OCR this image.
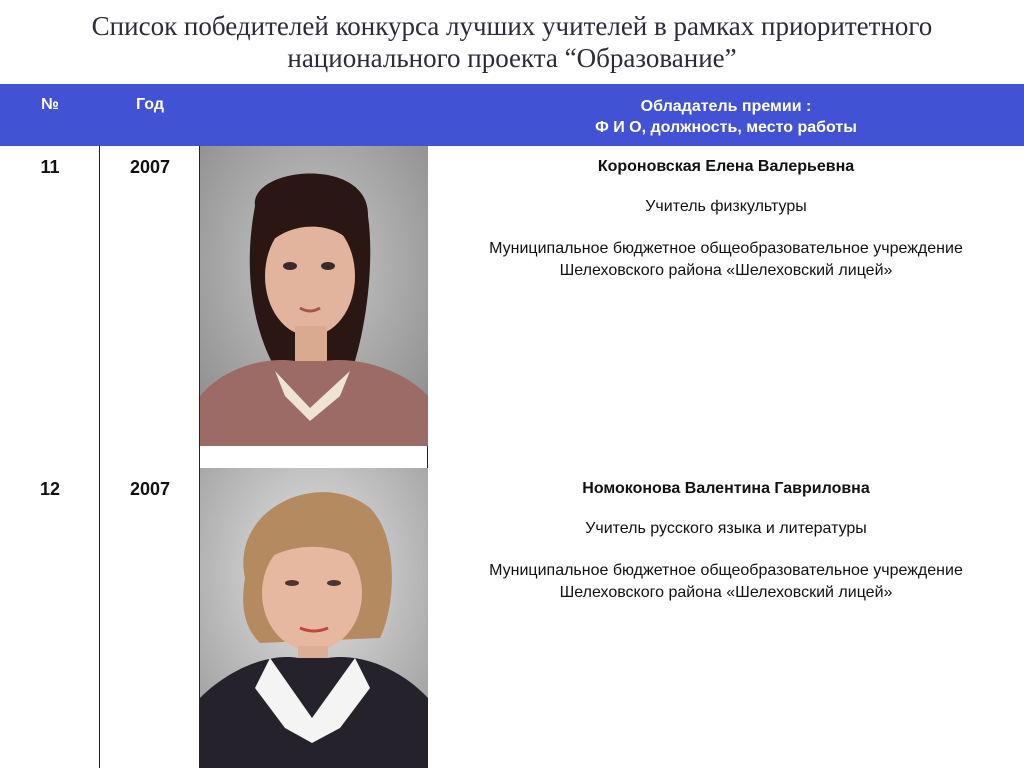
Список победителей конкурса лучших учителей в рамках приоритетного
национального проекта “Образование”
№	Год	Обладатель премии :
Ф И О, должность, место работы
11	2007	Короновская Елена Валерьевна
Учитель физкультуры
Муниципальное бюджетное общеобразовательное учреждение
Шелеховского района «Шелеховский лицей»
12	2007	Номоконова Валентина Гавриловна
Учитель русского языка и литературы
Муниципальное бюджетное общеобразовательное учреждение
Шелеховского района «Шелеховский лицей»
